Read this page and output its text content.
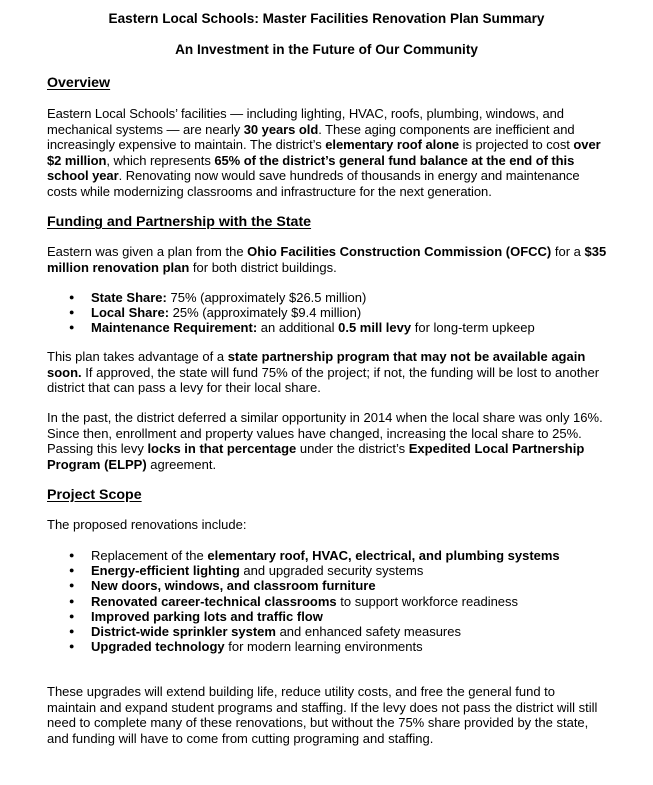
Eastern Local Schools: Master Facilities Renovation Plan Summary
An Investment in the Future of Our Community
Overview

Eastern Local Schools’ facilities — including lighting, HVAC, roofs, plumbing, windows, and mechanical systems — are nearly 30 years old. These aging components are inefficient and increasingly expensive to maintain. The district’s elementary roof alone is projected to cost over $2 million, which represents 65% of the district’s general fund balance at the end of this school year. Renovating now would save hundreds of thousands in energy and maintenance costs while modernizing classrooms and infrastructure for the next generation.

Funding and Partnership with the State

Eastern was given a plan from the Ohio Facilities Construction Commission (OFCC) for a $35 million renovation plan for both district buildings.

● State Share: 75% (approximately $26.5 million)
● Local Share: 25% (approximately $9.4 million)
● Maintenance Requirement: an additional 0.5 mill levy for long-term upkeep

This plan takes advantage of a state partnership program that may not be available again soon. If approved, the state will fund 75% of the project; if not, the funding will be lost to another district that can pass a levy for their local share.

In the past, the district deferred a similar opportunity in 2014 when the local share was only 16%. Since then, enrollment and property values have changed, increasing the local share to 25%. Passing this levy locks in that percentage under the district’s Expedited Local Partnership Program (ELPP) agreement.

Project Scope

The proposed renovations include:

● Replacement of the elementary roof, HVAC, electrical, and plumbing systems
● Energy-efficient lighting and upgraded security systems
● New doors, windows, and classroom furniture
● Renovated career-technical classrooms to support workforce readiness
● Improved parking lots and traffic flow
● District-wide sprinkler system and enhanced safety measures
● Upgraded technology for modern learning environments

These upgrades will extend building life, reduce utility costs, and free the general fund to maintain and expand student programs and staffing. If the levy does not pass the district will still need to complete many of these renovations, but without the 75% share provided by the state, and funding will have to come from cutting programing and staffing.
